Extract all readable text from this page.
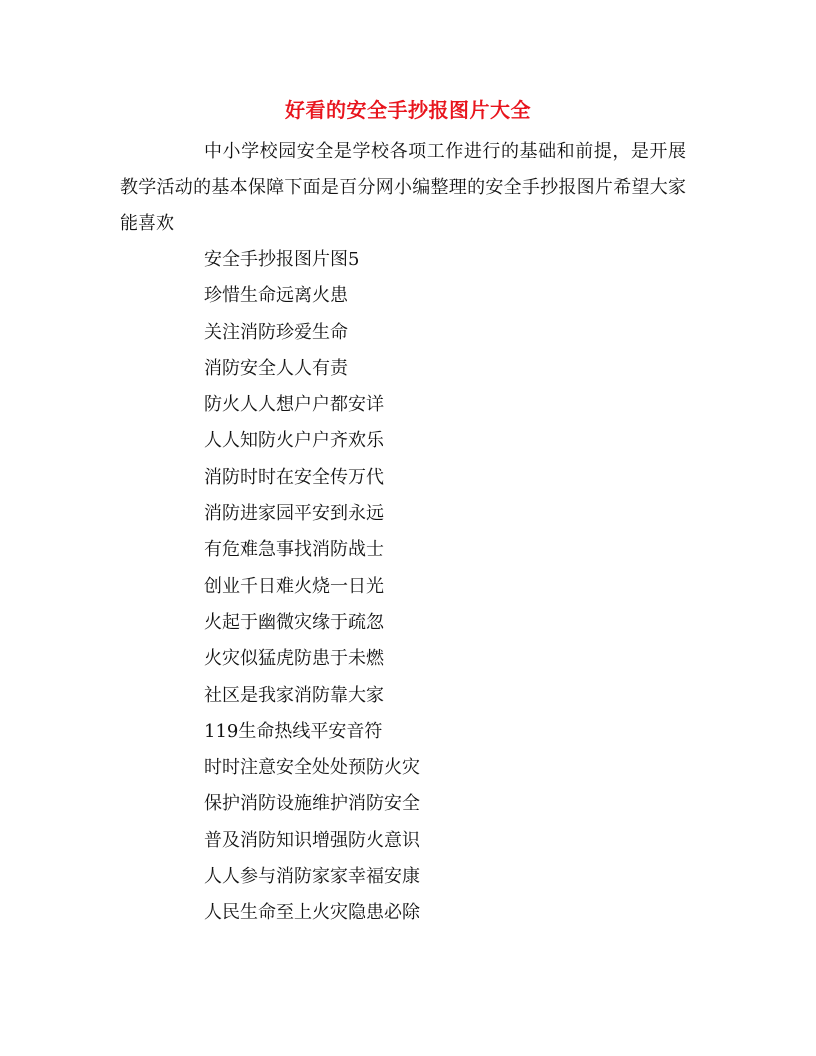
好看的安全手抄报图片大全

中小学校园安全是学校各项工作进行的基础和前提，是开展教学活动的基本保障下面是百分网小编整理的安全手抄报图片希望大家能喜欢

安全手抄报图片图5
珍惜生命远离火患
关注消防珍爱生命
消防安全人人有责
防火人人想户户都安详
人人知防火户户齐欢乐
消防时时在安全传万代
消防进家园平安到永远
有危难急事找消防战士
创业千日难火烧一日光
火起于幽微灾缘于疏忽
火灾似猛虎防患于未燃
社区是我家消防靠大家
119生命热线平安音符
时时注意安全处处预防火灾
保护消防设施维护消防安全
普及消防知识增强防火意识
人人参与消防家家幸福安康
人民生命至上火灾隐患必除
